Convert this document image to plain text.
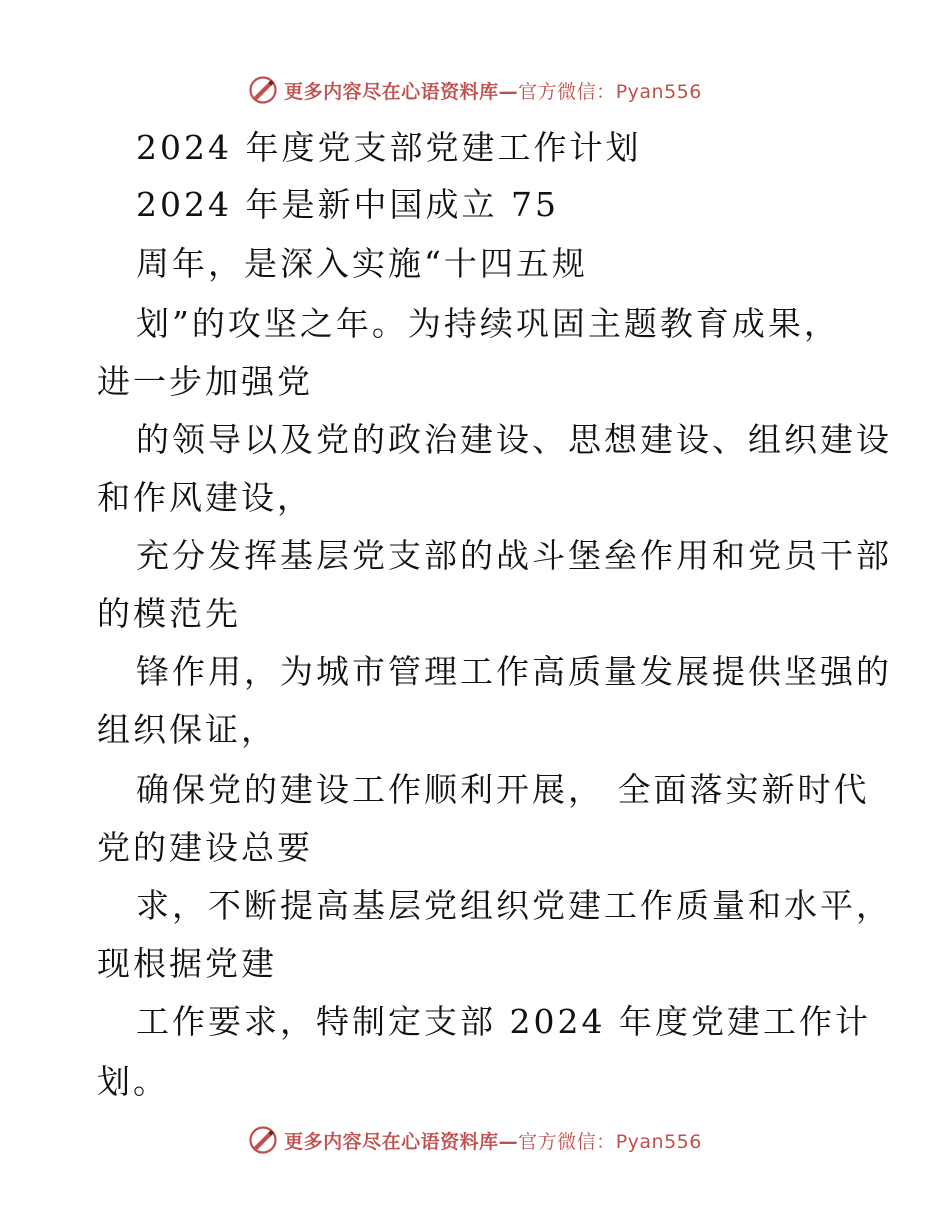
更多内容尽在心语资料库—官方微信：Pyan556
2024 年度党支部党建工作计划
2024 年是新中国成立 75
周年，是深入实施“十四五规
划”的攻坚之年。为持续巩固主题教育成果，
进一步加强党
的领导以及党的政治建设、思想建设、组织建设
和作风建设，
充分发挥基层党支部的战斗堡垒作用和党员干部
的模范先
锋作用，为城市管理工作高质量发展提供坚强的
组织保证，
确保党的建设工作顺利开展， 全面落实新时代
党的建设总要
求，不断提高基层党组织党建工作质量和水平，
现根据党建
工作要求，特制定支部 2024 年度党建工作计
划。
更多内容尽在心语资料库—官方微信：Pyan556
